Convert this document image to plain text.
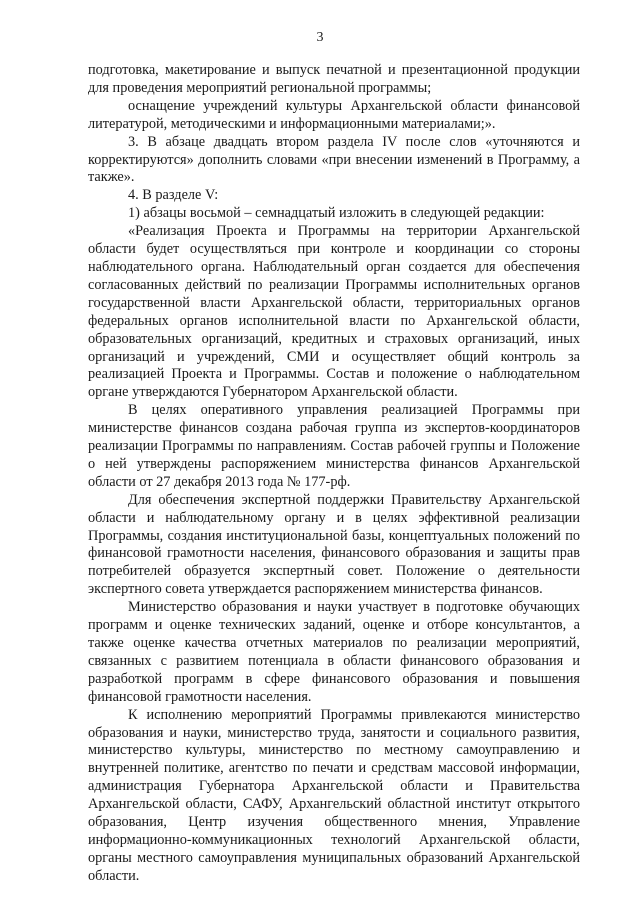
3

подготовка, макетирование и выпуск печатной и презентационной продукции для проведения мероприятий региональной программы;

оснащение учреждений культуры Архангельской области финансовой литературой, методическими и информационными материалами;».

3. В абзаце двадцать втором раздела IV после слов «уточняются и корректируются» дополнить словами «при внесении изменений в Программу, а также».

4. В разделе V:

1) абзацы восьмой – семнадцатый изложить в следующей редакции:

«Реализация Проекта и Программы на территории Архангельской области будет осуществляться при контроле и координации со стороны наблюдательного органа. Наблюдательный орган создается для обеспечения согласованных действий по реализации Программы исполнительных органов государственной власти Архангельской области, территориальных органов федеральных органов исполнительной власти по Архангельской области, образовательных организаций, кредитных и страховых организаций, иных организаций и учреждений, СМИ и осуществляет общий контроль за реализацией Проекта и Программы. Состав и положение о наблюдательном органе утверждаются Губернатором Архангельской области.

В целях оперативного управления реализацией Программы при министерстве финансов создана рабочая группа из экспертов-координаторов реализации Программы по направлениям. Состав рабочей группы и Положение о ней утверждены распоряжением министерства финансов Архангельской области от 27 декабря 2013 года № 177-рф.

Для обеспечения экспертной поддержки Правительству Архангельской области и наблюдательному органу и в целях эффективной реализации Программы, создания институциональной базы, концептуальных положений по финансовой грамотности населения, финансового образования и защиты прав потребителей образуется экспертный совет. Положение о деятельности экспертного совета утверждается распоряжением министерства финансов.

Министерство образования и науки участвует в подготовке обучающих программ и оценке технических заданий, оценке и отборе консультантов, а также оценке качества отчетных материалов по реализации мероприятий, связанных с развитием потенциала в области финансового образования и разработкой программ в сфере финансового образования и повышения финансовой грамотности населения.

К исполнению мероприятий Программы привлекаются министерство образования и науки, министерство труда, занятости и социального развития, министерство культуры, министерство по местному самоуправлению и внутренней политике, агентство по печати и средствам массовой информации, администрация Губернатора Архангельской области и Правительства Архангельской области, САФУ, Архангельский областной институт открытого образования, Центр изучения общественного мнения, Управление информационно-коммуникационных технологий Архангельской области, органы местного самоуправления муниципальных образований Архангельской области.
